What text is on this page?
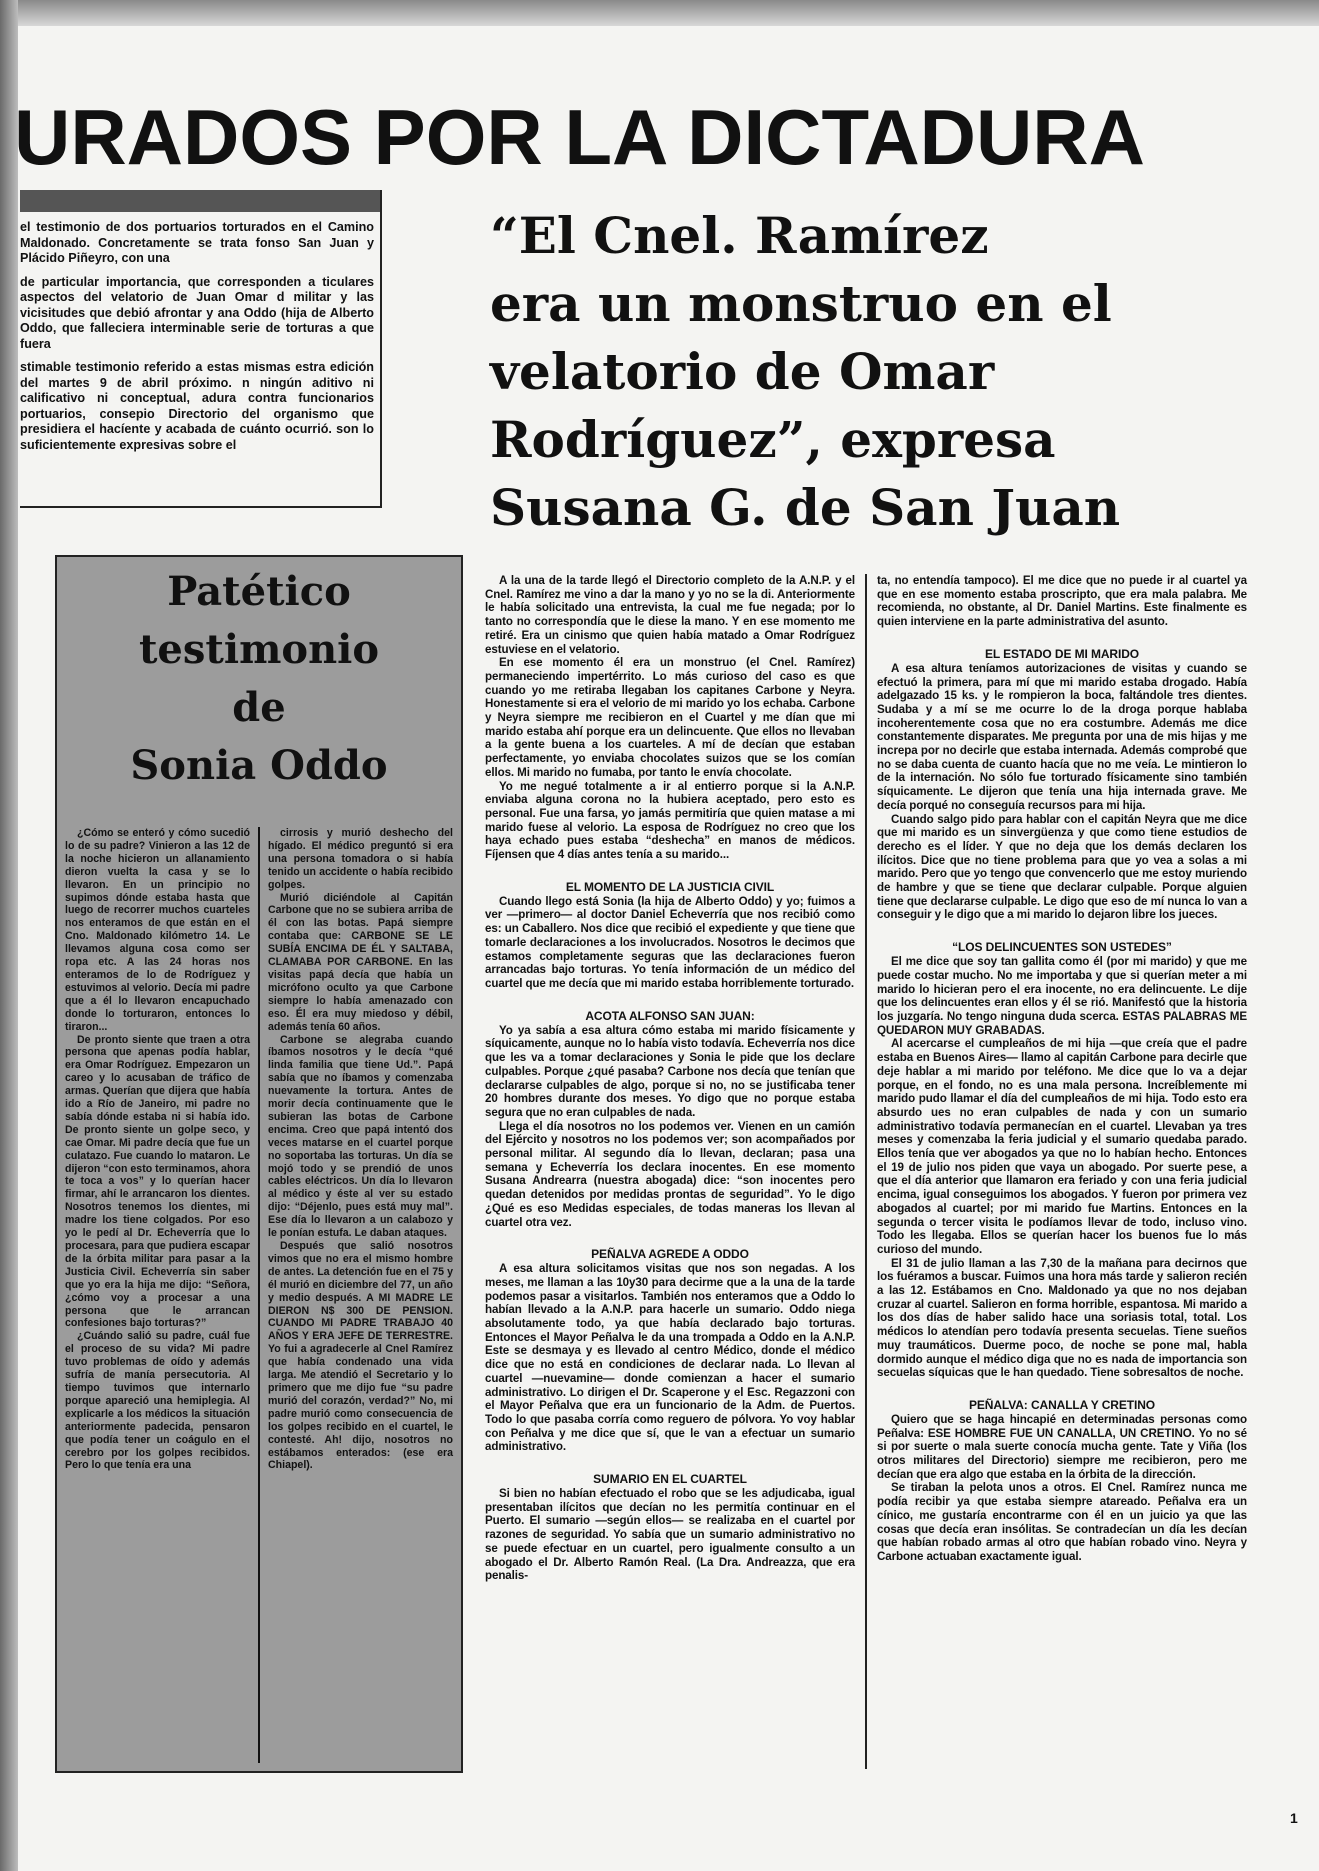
URADOS POR LA DICTADURA

el testimonio de dos portuarios torturados en el Camino Maldonado. Concretamente se trata fonso San Juan y Plácido Piñeyro, con una

de particular importancia, que corresponden a ticulares aspectos del velatorio de Juan Omar d militar y las vicisitudes que debió afrontar y ana Oddo (hija de Alberto Oddo, que falleciera interminable serie de torturas a que fuera

stimable testimonio referido a estas mismas estra edición del martes 9 de abril próximo. n ningún aditivo ni calificativo ni conceptual, adura contra funcionarios portuarios, consepio Directorio del organismo que presidiera el hacíente y acabada de cuánto ocurrió. son lo suficientemente expresivas sobre el

“El Cnel. Ramírez
era un monstruo en el
velatorio de Omar
Rodríguez”, expresa
Susana G. de San Juan
Patético
testimonio
de
Sonia Oddo

¿Cómo se enteró y cómo sucedió lo de su padre? Vinieron a las 12 de la noche hicieron un allanamiento dieron vuelta la casa y se lo llevaron. En un principio no supimos dónde estaba hasta que luego de recorrer muchos cuarteles nos enteramos de que están en el Cno. Maldonado kilómetro 14. Le llevamos alguna cosa como ser ropa etc. A las 24 horas nos enteramos de lo de Rodríguez y estuvimos al velorio. Decía mi padre que a él lo llevaron encapuchado donde lo torturaron, entonces lo tiraron...

De pronto siente que traen a otra persona que apenas podía hablar, era Omar Rodríguez. Empezaron un careo y lo acusaban de tráfico de armas. Querían que dijera que había ido a Río de Janeiro, mi padre no sabía dónde estaba ni si había ido. De pronto siente un golpe seco, y cae Omar. Mi padre decía que fue un culatazo. Fue cuando lo mataron. Le dijeron “con esto terminamos, ahora te toca a vos” y lo querían hacer firmar, ahí le arrancaron los dientes. Nosotros tenemos los dientes, mi madre los tiene colgados. Por eso yo le pedí al Dr. Echeverría que lo procesara, para que pudiera escapar de la órbita militar para pasar a la Justicia Civil. Echeverría sin saber que yo era la hija me dijo: “Señora, ¿cómo voy a procesar a una persona que le arrancan confesiones bajo torturas?”

¿Cuándo salió su padre, cuál fue el proceso de su vida? Mi padre tuvo problemas de oído y además sufría de manía persecutoria. Al tiempo tuvimos que internarlo porque apareció una hemiplegia. Al explicarle a los médicos la situación anteriormente padecida, pensaron que podía tener un coágulo en el cerebro por los golpes recibidos. Pero lo que tenía era una

cirrosis y murió deshecho del hígado. El médico preguntó si era una persona tomadora o si había tenido un accidente o había recibido golpes.

Murió diciéndole al Capitán Carbone que no se subiera arriba de él con las botas. Papá siempre contaba que: CARBONE SE LE SUBÍA ENCIMA DE ÉL Y SALTABA, CLAMABA POR CARBONE. En las visitas papá decía que había un micrófono oculto ya que Carbone siempre lo había amenazado con eso. Él era muy miedoso y débil, además tenía 60 años.

Carbone se alegraba cuando íbamos nosotros y le decía “qué linda familia que tiene Ud.”. Papá sabía que no íbamos y comenzaba nuevamente la tortura. Antes de morir decía continuamente que le subieran las botas de Carbone encima. Creo que papá intentó dos veces matarse en el cuartel porque no soportaba las torturas. Un día se mojó todo y se prendió de unos cables eléctricos. Un día lo llevaron al médico y éste al ver su estado dijo: “Déjenlo, pues está muy mal”. Ese día lo llevaron a un calabozo y le ponían estufa. Le daban ataques.

Después que salió nosotros vimos que no era el mismo hombre de antes. La detención fue en el 75 y él murió en diciembre del 77, un año y medio después. A MI MADRE LE DIERON N$ 300 DE PENSION. CUANDO MI PADRE TRABAJO 40 AÑOS Y ERA JEFE DE TERRESTRE. Yo fui a agradecerle al Cnel Ramírez que había condenado una vida larga. Me atendió el Secretario y lo primero que me dijo fue “su padre murió del corazón, verdad?” No, mi padre murió como consecuencia de los golpes recibido en el cuartel, le contesté. Ah! dijo, nosotros no estábamos enterados: (ese era Chiapel).

A la una de la tarde llegó el Directorio completo de la A.N.P. y el Cnel. Ramírez me vino a dar la mano y yo no se la di. Anteriormente le había solicitado una entrevista, la cual me fue negada; por lo tanto no correspondía que le diese la mano. Y en ese momento me retiré. Era un cinismo que quien había matado a Omar Rodríguez estuviese en el velatorio.

En ese momento él era un monstruo (el Cnel. Ramírez) permaneciendo impertérrito. Lo más curioso del caso es que cuando yo me retiraba llegaban los capitanes Carbone y Neyra. Honestamente si era el velorio de mi marido yo los echaba. Carbone y Neyra siempre me recibieron en el Cuartel y me dían que mi marido estaba ahí porque era un delincuente. Que ellos no llevaban a la gente buena a los cuarteles. A mí de decían que estaban perfectamente, yo enviaba chocolates suizos que se los comían ellos. Mi marido no fumaba, por tanto le envía chocolate.

Yo me negué totalmente a ir al entierro porque si la A.N.P. enviaba alguna corona no la hubiera aceptado, pero esto es personal. Fue una farsa, yo jamás permitiría que quien matase a mi marido fuese al velorio. La esposa de Rodríguez no creo que los haya echado pues estaba “deshecha” en manos de médicos. Fíjensen que 4 días antes tenía a su marido...

EL MOMENTO DE LA JUSTICIA CIVIL

Cuando llego está Sonia (la hija de Alberto Oddo) y yo; fuimos a ver —primero— al doctor Daniel Echeverría que nos recibió como es: un Caballero. Nos dice que recibió el expediente y que tiene que tomarle declaraciones a los involucrados. Nosotros le decimos que estamos completamente seguras que las declaraciones fueron arrancadas bajo torturas. Yo tenía información de un médico del cuartel que me decía que mi marido estaba horriblemente torturado.

ACOTA ALFONSO SAN JUAN:

Yo ya sabía a esa altura cómo estaba mi marido físicamente y síquicamente, aunque no lo había visto todavía. Echeverría nos dice que les va a tomar declaraciones y Sonia le pide que los declare culpables. Porque ¿qué pasaba? Carbone nos decía que tenían que declararse culpables de algo, porque si no, no se justificaba tener 20 hombres durante dos meses. Yo digo que no porque estaba segura que no eran culpables de nada.

Llega el día nosotros no los podemos ver. Vienen en un camión del Ejército y nosotros no los podemos ver; son acompañados por personal militar. Al segundo día lo llevan, declaran; pasa una semana y Echeverría los declara inocentes. En ese momento Susana Andrearra (nuestra abogada) dice: “son inocentes pero quedan detenidos por medidas prontas de seguridad”. Yo le digo ¿Qué es eso Medidas especiales, de todas maneras los llevan al cuartel otra vez.

PEÑALVA AGREDE A ODDO

A esa altura solicitamos visitas que nos son negadas. A los meses, me llaman a las 10y30 para decirme que a la una de la tarde podemos pasar a visitarlos. También nos enteramos que a Oddo lo habían llevado a la A.N.P. para hacerle un sumario. Oddo niega absolutamente todo, ya que había declarado bajo torturas. Entonces el Mayor Peñalva le da una trompada a Oddo en la A.N.P. Este se desmaya y es llevado al centro Médico, donde el médico dice que no está en condiciones de declarar nada. Lo llevan al cuartel —nuevamine— donde comienzan a hacer el sumario administrativo. Lo dirigen el Dr. Scaperone y el Esc. Regazzoni con el Mayor Peñalva que era un funcionario de la Adm. de Puertos. Todo lo que pasaba corría como reguero de pólvora. Yo voy hablar con Peñalva y me dice que sí, que le van a efectuar un sumario administrativo.

SUMARIO EN EL CUARTEL

Si bien no habían efectuado el robo que se les adjudicaba, igual presentaban ilícitos que decían no les permitía continuar en el Puerto. El sumario —según ellos— se realizaba en el cuartel por razones de seguridad. Yo sabía que un sumario administrativo no se puede efectuar en un cuartel, pero igualmente consulto a un abogado el Dr. Alberto Ramón Real. (La Dra. Andreazza, que era penalis-

ta, no entendía tampoco). El me dice que no puede ir al cuartel ya que en ese momento estaba proscripto, que era mala palabra. Me recomienda, no obstante, al Dr. Daniel Martins. Este finalmente es quien interviene en la parte administrativa del asunto.

EL ESTADO DE MI MARIDO

A esa altura teníamos autorizaciones de visitas y cuando se efectuó la primera, para mí que mi marido estaba drogado. Había adelgazado 15 ks. y le rompieron la boca, faltándole tres dientes. Sudaba y a mí se me ocurre lo de la droga porque hablaba incoherentemente cosa que no era costumbre. Además me dice constantemente disparates. Me pregunta por una de mis hijas y me increpa por no decirle que estaba internada. Además comprobé que no se daba cuenta de cuanto hacía que no me veía. Le mintieron lo de la internación. No sólo fue torturado físicamente sino también síquicamente. Le dijeron que tenía una hija internada grave. Me decía porqué no conseguía recursos para mi hija.

Cuando salgo pido para hablar con el capitán Neyra que me dice que mi marido es un sinvergüenza y que como tiene estudios de derecho es el líder. Y que no deja que los demás declaren los ilícitos. Dice que no tiene problema para que yo vea a solas a mi marido. Pero que yo tengo que convencerlo que me estoy muriendo de hambre y que se tiene que declarar culpable. Porque alguien tiene que declararse culpable. Le digo que eso de mí nunca lo van a conseguir y le digo que a mi marido lo dejaron libre los jueces.

“LOS DELINCUENTES SON USTEDES”

El me dice que soy tan gallita como él (por mi marido) y que me puede costar mucho. No me importaba y que si querían meter a mi marido lo hicieran pero el era inocente, no era delincuente. Le dije que los delincuentes eran ellos y él se rió. Manifestó que la historia los juzgaría. No tengo ninguna duda scerca. ESTAS PALABRAS ME QUEDARON MUY GRABADAS.

Al acercarse el cumpleaños de mi hija —que creía que el padre estaba en Buenos Aires— llamo al capitán Carbone para decirle que deje hablar a mi marido por teléfono. Me dice que lo va a dejar porque, en el fondo, no es una mala persona. Increíblemente mi marido pudo llamar el día del cumpleaños de mi hija. Todo esto era absurdo ues no eran culpables de nada y con un sumario administrativo todavía permanecían en el cuartel. Llevaban ya tres meses y comenzaba la feria judicial y el sumario quedaba parado. Ellos tenía que ver abogados ya que no lo habían hecho. Entonces el 19 de julio nos piden que vaya un abogado. Por suerte pese, a que el día anterior que llamaron era feriado y con una feria judicial encima, igual conseguimos los abogados. Y fueron por primera vez abogados al cuartel; por mi marido fue Martins. Entonces en la segunda o tercer visita le podíamos llevar de todo, incluso vino. Todo les llegaba. Ellos se querían hacer los buenos fue lo más curioso del mundo.

El 31 de julio llaman a las 7,30 de la mañana para decirnos que los fuéramos a buscar. Fuimos una hora más tarde y salieron recién a las 12. Estábamos en Cno. Maldonado ya que no nos dejaban cruzar al cuartel. Salieron en forma horrible, espantosa. Mi marido a los dos días de haber salido hace una soriasis total, total. Los médicos lo atendían pero todavía presenta secuelas. Tiene sueños muy traumáticos. Duerme poco, de noche se pone mal, habla dormido aunque el médico diga que no es nada de importancia son secuelas síquicas que le han quedado. Tiene sobresaltos de noche.

PEÑALVA: CANALLA Y CRETINO

Quiero que se haga hincapié en determinadas personas como Peñalva: ESE HOMBRE FUE UN CANALLA, UN CRETINO. Yo no sé si por suerte o mala suerte conocía mucha gente. Tate y Viña (los otros militares del Directorio) siempre me recibieron, pero me decían que era algo que estaba en la órbita de la dirección.

Se tiraban la pelota unos a otros. El Cnel. Ramírez nunca me podía recibir ya que estaba siempre atareado. Peñalva era un cínico, me gustaría encontrarme con él en un juicio ya que las cosas que decía eran insólitas. Se contradecían un día les decían que habían robado armas al otro que habían robado vino. Neyra y Carbone actuaban exactamente igual.

1
